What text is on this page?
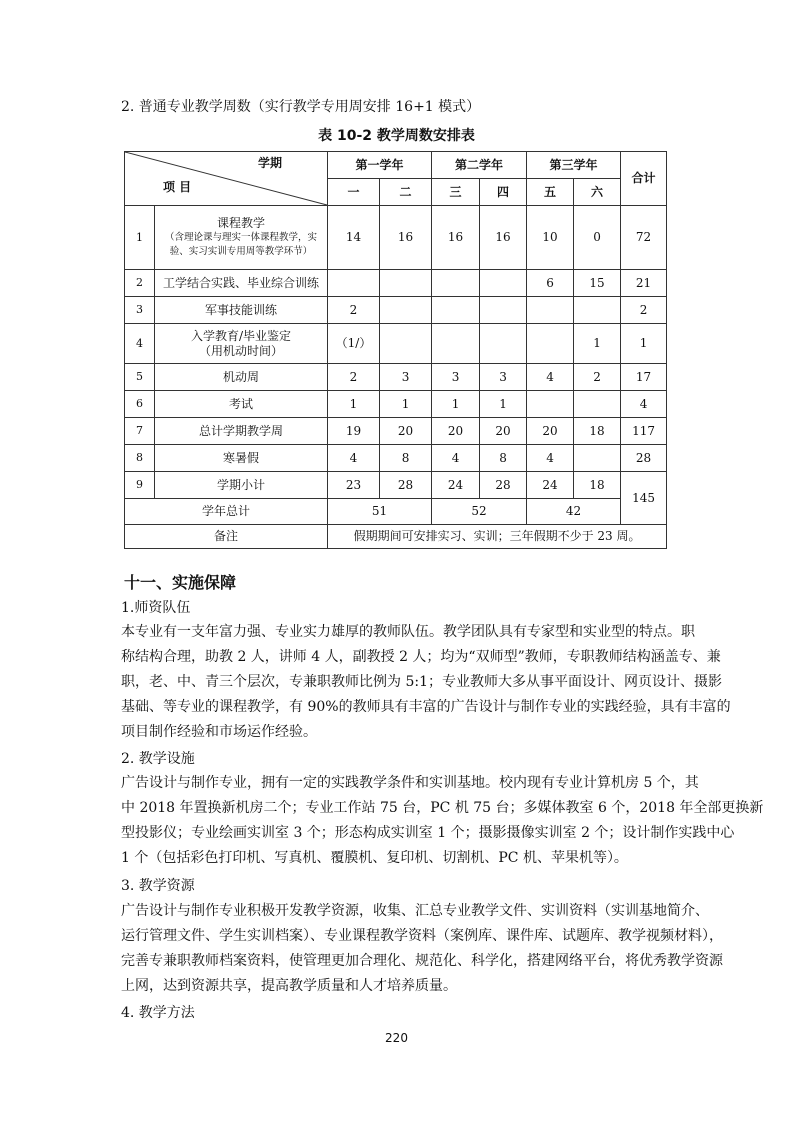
2. 普通专业教学周数（实行教学专用周安排 16+1 模式）
表 10-2 教学周数安排表
学期
项 目		第一学年		第二学年		第三学年		合计
		一	二	三	四	五	六	
1	课程教学
（含理论课与理实一体课程教学，实
验、实习实训专用周等教学环节）	14	16	16	16	10	0	72
2	工学结合实践、毕业综合训练					6	15	21
3	军事技能训练	2						2
4	入学教育/毕业鉴定
（用机动时间）	（1/）					1	1
5	机动周	2	3	3	3	4	2	17
6	考试	1	1	1	1			4
7	总计学期教学周	19	20	20	20	20	18	117
8	寒暑假	4	8	4	8	4		28
9	学期小计	23	28	24	28	24	18	145
学年总计		51		52		42		
备注		假期期间可安排实习、实训；三年假期不少于 23 周。						
十一、实施保障
1.师资队伍
本专业有一支年富力强、专业实力雄厚的教师队伍。教学团队具有专家型和实业型的特点。职
称结构合理，助教 2 人，讲师 4 人，副教授 2 人；均为“双师型”教师，专职教师结构涵盖专、兼
职，老、中、青三个层次，专兼职教师比例为 5:1；专业教师大多从事平面设计、网页设计、摄影
基础、等专业的课程教学，有 90%的教师具有丰富的广告设计与制作专业的实践经验，具有丰富的
项目制作经验和市场运作经验。
2. 教学设施
广告设计与制作专业，拥有一定的实践教学条件和实训基地。校内现有专业计算机房 5 个，其
中 2018 年置换新机房二个；专业工作站 75 台，PC 机 75 台；多媒体教室 6 个，2018 年全部更换新
型投影仪；专业绘画实训室 3 个；形态构成实训室 1 个；摄影摄像实训室 2 个；设计制作实践中心
1 个（包括彩色打印机、写真机、覆膜机、复印机、切割机、PC 机、苹果机等）。
3. 教学资源
广告设计与制作专业积极开发教学资源，收集、汇总专业教学文件、实训资料（实训基地简介、
运行管理文件、学生实训档案）、专业课程教学资料（案例库、课件库、试题库、教学视频材料），
完善专兼职教师档案资料，使管理更加合理化、规范化、科学化，搭建网络平台，将优秀教学资源
上网，达到资源共享，提高教学质量和人才培养质量。
4. 教学方法
220
